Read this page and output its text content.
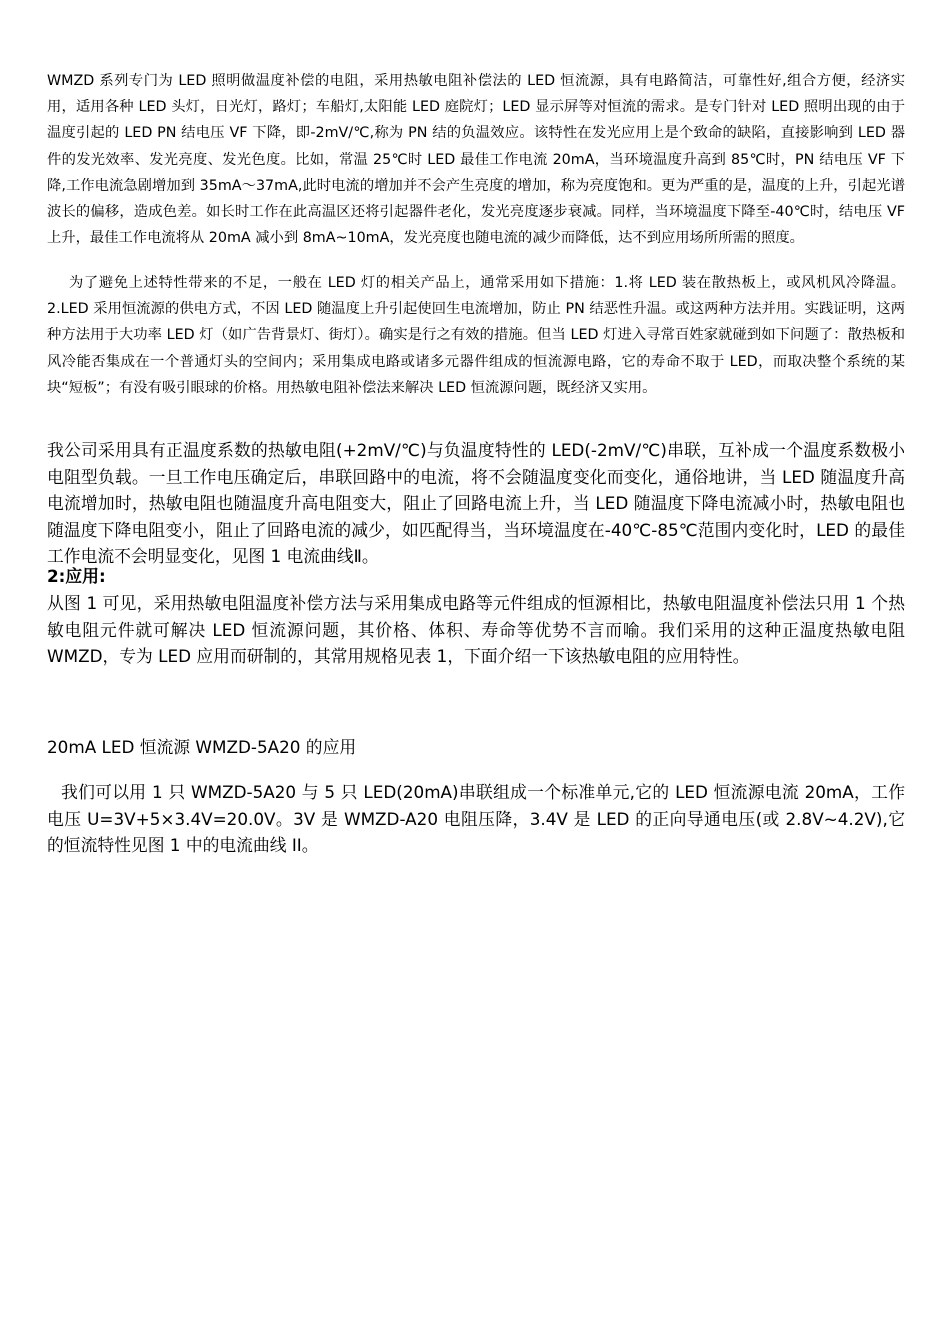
WMZD 系列专门为 LED 照明做温度补偿的电阻，采用热敏电阻补偿法的 LED 恒流源，具有电路简洁，可靠性好,组合方便，经济实用，适用各种 LED 头灯，日光灯，路灯；车船灯,太阳能 LED 庭院灯；LED 显示屏等对恒流的需求。是专门针对 LED 照明出现的由于温度引起的 LED PN 结电压 VF 下降，即-2mV/℃,称为 PN 结的负温效应。该特性在发光应用上是个致命的缺陷，直接影响到 LED 器件的发光效率、发光亮度、发光色度。比如，常温 25℃时 LED 最佳工作电流 20mA，当环境温度升高到 85℃时，PN 结电压 VF 下降,工作电流急剧增加到 35mA～37mA,此时电流的增加并不会产生亮度的增加，称为亮度饱和。更为严重的是，温度的上升，引起光谱波长的偏移，造成色差。如长时工作在此高温区还将引起器件老化，发光亮度逐步衰减。同样，当环境温度下降至-40℃时，结电压 VF 上升，最佳工作电流将从 20mA 减小到 8mA~10mA，发光亮度也随电流的减少而降低，达不到应用场所所需的照度。

为了避免上述特性带来的不足，一般在 LED 灯的相关产品上，通常采用如下措施：1.将 LED 装在散热板上，或风机风冷降温。2.LED 采用恒流源的供电方式，不因 LED 随温度上升引起使回生电流增加，防止 PN 结恶性升温。或这两种方法并用。实践证明，这两种方法用于大功率 LED 灯（如广告背景灯、街灯）。确实是行之有效的措施。但当 LED 灯进入寻常百姓家就碰到如下问题了：散热板和风冷能否集成在一个普通灯头的空间内；采用集成电路或诸多元器件组成的恒流源电路，它的寿命不取于 LED，而取决整个系统的某块“短板”；有没有吸引眼球的价格。用热敏电阻补偿法来解决 LED 恒流源问题，既经济又实用。

我公司采用具有正温度系数的热敏电阻(+2mV/℃)与负温度特性的 LED(-2mV/℃)串联，互补成一个温度系数极小电阻型负载。一旦工作电压确定后，串联回路中的电流，将不会随温度变化而变化，通俗地讲，当 LED 随温度升高电流增加时，热敏电阻也随温度升高电阻变大，阻止了回路电流上升，当 LED 随温度下降电流减小时，热敏电阻也随温度下降电阻变小，阻止了回路电流的减少，如匹配得当，当环境温度在-40℃-85℃范围内变化时，LED 的最佳工作电流不会明显变化，见图 1 电流曲线Ⅱ。

2:应用:

从图 1 可见，采用热敏电阻温度补偿方法与采用集成电路等元件组成的恒源相比，热敏电阻温度补偿法只用 1 个热敏电阻元件就可解决 LED 恒流源问题，其价格、体积、寿命等优势不言而喻。我们采用的这种正温度热敏电阻 WMZD，专为 LED 应用而研制的，其常用规格见表 1，下面介绍一下该热敏电阻的应用特性。

20mA LED 恒流源 WMZD-5A20 的应用

我们可以用 1 只 WMZD-5A20 与 5 只 LED(20mA)串联组成一个标准单元,它的 LED 恒流源电流 20mA，工作电压 U=3V+5×3.4V=20.0V。3V 是 WMZD-A20 电阻压降，3.4V 是 LED 的正向导通电压(或 2.8V~4.2V),它的恒流特性见图 1 中的电流曲线 II。
